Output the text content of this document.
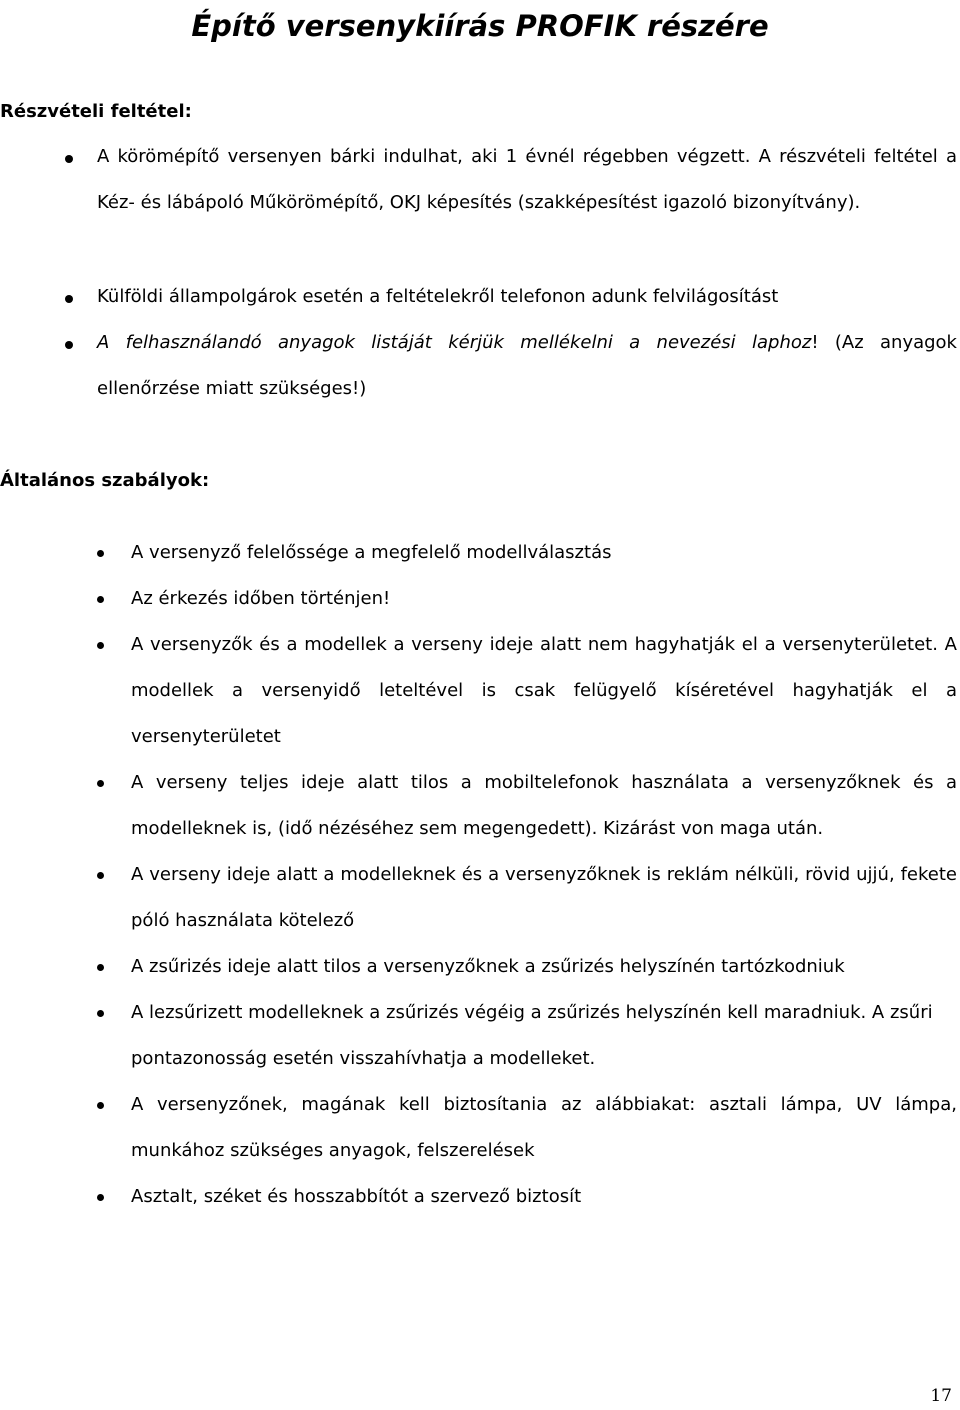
Építő versenykiírás PROFIK részére
Részvételi feltétel:
A körömépítő versenyen bárki indulhat, aki 1 évnél régebben végzett. A részvételi feltétel a Kéz- és lábápoló Műkörömépítő, OKJ képesítés (szakképesítést igazoló bizonyítvány).
Külföldi állampolgárok esetén a feltételekről telefonon adunk felvilágosítást
A felhasználandó anyagok listáját kérjük mellékelni a nevezési laphoz! (Az anyagok ellenőrzése miatt szükséges!)
Általános szabályok:
A versenyző felelőssége a megfelelő modellválasztás
Az érkezés időben történjen!
A versenyzők és a modellek a verseny ideje alatt nem hagyhatják el a versenyterületet. A modellek a versenyidő leteltével is csak felügyelő kíséretével hagyhatják el a versenyterületet
A verseny teljes ideje alatt tilos a mobiltelefonok használata a versenyzőknek és a modelleknek is, (idő nézéséhez sem megengedett). Kizárást von maga után.
A verseny ideje alatt a modelleknek és a versenyzőknek is reklám nélküli, rövid ujjú, fekete póló használata kötelező
A zsűrizés ideje alatt tilos a versenyzőknek a zsűrizés helyszínén tartózkodniuk
A lezsűrizett modelleknek a zsűrizés végéig a zsűrizés helyszínén kell maradniuk. A zsűri pontazonosság esetén visszahívhatja a modelleket.
A versenyzőnek, magának kell biztosítania az alábbiakat: asztali lámpa, UV lámpa, munkához szükséges anyagok, felszerelések
Asztalt, széket és hosszabbítót a szervező biztosít
17
